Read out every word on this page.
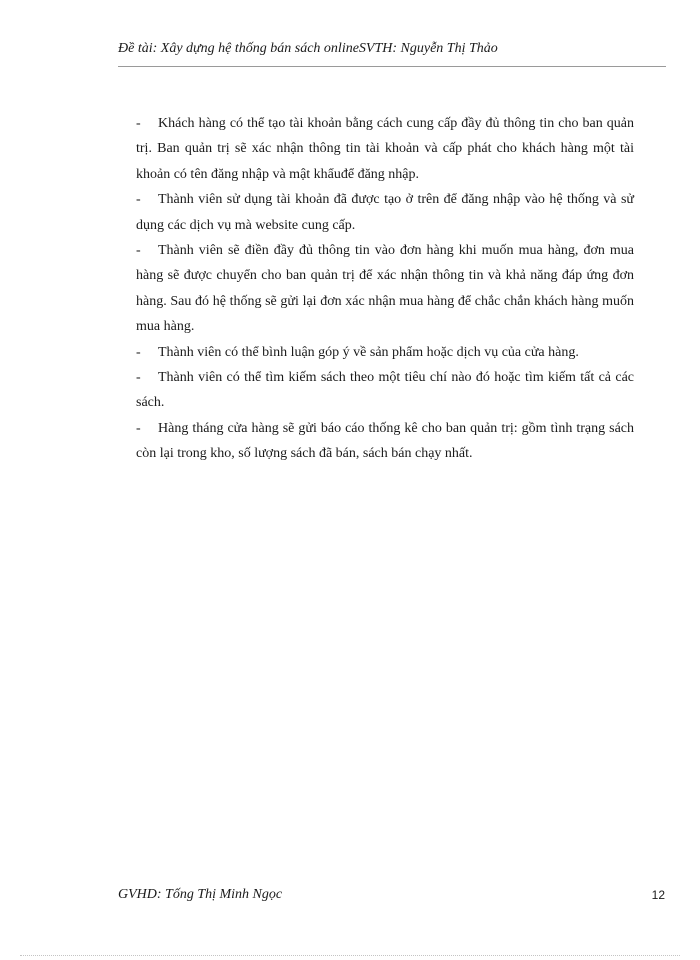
Đề tài: Xây dựng hệ thống bán sách onlineSVTH: Nguyễn Thị Thảo

- Khách hàng có thể tạo tài khoản bằng cách cung cấp đầy đủ thông tin cho ban quản trị. Ban quản trị sẽ xác nhận thông tin tài khoản và cấp phát cho khách hàng một tài khoản có tên đăng nhập và mật khẩuđể đăng nhập.

- Thành viên sử dụng tài khoản đã được tạo ở trên để đăng nhập vào hệ thống và sử dụng các dịch vụ mà website cung cấp.

- Thành viên sẽ điền đầy đủ thông tin vào đơn hàng khi muốn mua hàng, đơn mua hàng sẽ được chuyển cho ban quản trị để xác nhận thông tin và khả năng đáp ứng đơn hàng. Sau đó hệ thống sẽ gửi lại đơn xác nhận mua hàng để chắc chắn khách hàng muốn mua hàng.

- Thành viên có thể bình luận góp ý về sản phẩm hoặc dịch vụ của cửa hàng.

- Thành viên có thể tìm kiếm sách theo một tiêu chí nào đó hoặc tìm kiếm tất cả các sách.

- Hàng tháng cửa hàng sẽ gửi báo cáo thống kê cho ban quản trị: gồm tình trạng sách còn lại trong kho, số lượng sách đã bán, sách bán chạy nhất.

GVHD: Tống Thị Minh Ngọc	12
